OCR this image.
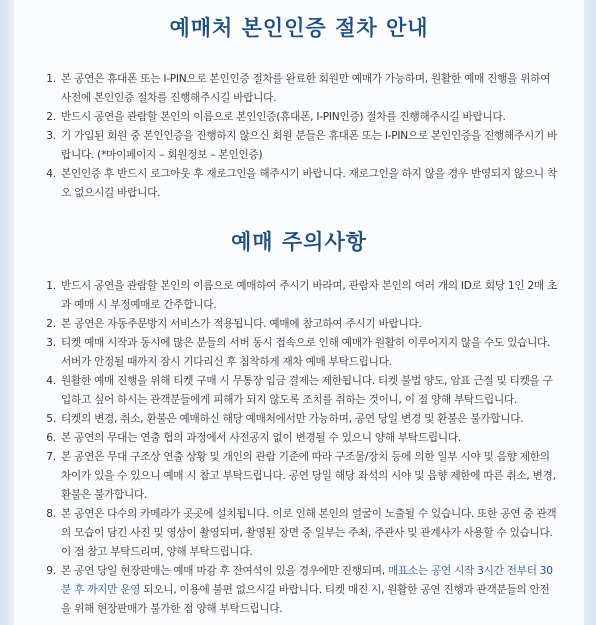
예매처 본인인증 절차 안내
1. 본 공연은 휴대폰 또는 I-PIN으로 본인인증 절차를 완료한 회원만 예매가 가능하며, 원활한 예매 진행을 위하여 사전에 본인인증 절차를 진행해주시길 바랍니다.
2. 반드시 공연을 관람할 본인의 이름으로 본인인증(휴대폰, I-PIN인증) 절차를 진행해주시길 바랍니다.
3. 기 가입된 회원 중 본인인증을 진행하지 않으신 회원 분들은 휴대폰 또는 I-PIN으로 본인인증을 진행해주시기 바랍니다. (*마이페이지 – 회원정보 – 본인인증)
4. 본인인증 후 반드시 로그아웃 후 재로그인을 해주시기 바랍니다. 재로그인을 하지 않을 경우 반영되지 않으니 착오 없으시길 바랍니다.
예매 주의사항
1. 반드시 공연을 관람할 본인의 이름으로 예매하여 주시기 바라며, 관람자 본인의 여러 개의 ID로 회당 1인 2매 초과 예매 시 부정예매로 간주합니다.
2. 본 공연은 자동주문방지 서비스가 적용됩니다. 예매에 참고하여 주시기 바랍니다.
3. 티켓 예매 시작과 동시에 많은 분들의 서버 동시 접속으로 인해 예매가 원활히 이루어지지 않을 수도 있습니다. 서버가 안정될 때까지 잠시 기다리신 후 침착하게 재차 예매 부탁드립니다.
4. 원활한 예매 진행을 위해 티켓 구매 시 무통장 입금 결제는 제한됩니다. 티켓 불법 양도, 암표 근절 및 티켓을 구입하고 싶어 하시는 관객분들에게 피해가 되지 않도록 조치를 취하는 것이니, 이 점 양해 부탁드립니다.
5. 티켓의 변경, 취소, 환불은 예매하신 해당 예매처에서만 가능하며, 공연 당일 변경 및 환불은 불가합니다.
6. 본 공연의 무대는 연출 협의 과정에서 사전공지 없이 변경될 수 있으니 양해 부탁드립니다.
7. 본 공연은 무대 구조상 연출 상황 및 개인의 관람 기준에 따라 구조물/장치 등에 의한 일부 시야 및 음향 제한의 차이가 있을 수 있으니 예매 시 참고 부탁드립니다. 공연 당일 해당 좌석의 시야 및 음향 제한에 따른 취소, 변경, 환불은 불가합니다.
8. 본 공연은 다수의 카메라가 곳곳에 설치됩니다. 이로 인해 본인의 얼굴이 노출될 수 있습니다. 또한 공연 중 관객의 모습이 담긴 사진 및 영상이 촬영되며, 촬영된 장면 중 일부는 주최, 주관사 및 관계사가 사용할 수 있습니다. 이 점 참고 부탁드리며, 양해 부탁드립니다.
9. 본 공연 당일 현장판매는 예매 마감 후 잔여석이 있을 경우에만 진행되며, 매표소는 공연 시작 3시간 전부터 30분 후 까지만 운영 되오니, 이용에 불편 없으시길 바랍니다. 티켓 매진 시, 원활한 공연 진행과 관객분들의 안전을 위해 현장판매가 불가한 점 양해 부탁드립니다.
